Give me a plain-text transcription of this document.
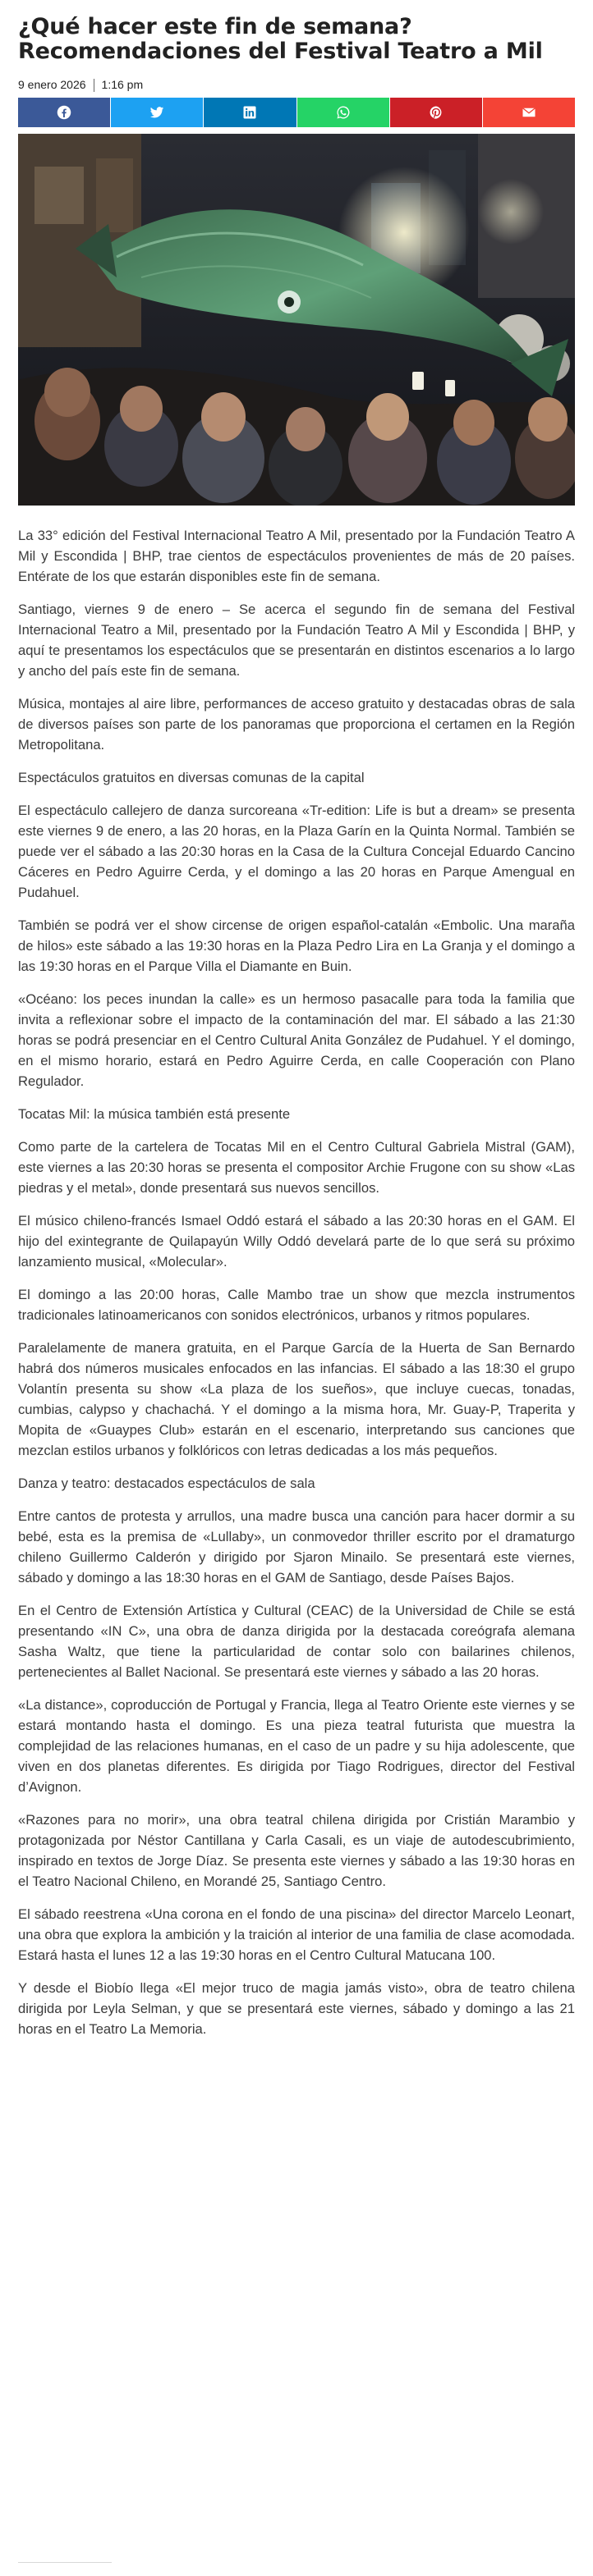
¿Qué hacer este fin de semana? Recomendaciones del Festival Teatro a Mil
9 enero 2026 1:16 pm

La 33° edición del Festival Internacional Teatro A Mil, presentado por la Fundación Teatro A Mil y Escondida | BHP, trae cientos de espectáculos provenientes de más de 20 países. Entérate de los que estarán disponibles este fin de semana.

Santiago, viernes 9 de enero – Se acerca el segundo fin de semana del Festival Internacional Teatro a Mil, presentado por la Fundación Teatro A Mil y Escondida | BHP, y aquí te presentamos los espectáculos que se presentarán en distintos escenarios a lo largo y ancho del país este fin de semana.

Música, montajes al aire libre, performances de acceso gratuito y destacadas obras de sala de diversos países son parte de los panoramas que proporciona el certamen en la Región Metropolitana.

Espectáculos gratuitos en diversas comunas de la capital

El espectáculo callejero de danza surcoreana «Tr-edition: Life is but a dream» se presenta este viernes 9 de enero, a las 20 horas, en la Plaza Garín en la Quinta Normal. También se puede ver el sábado a las 20:30 horas en la Casa de la Cultura Concejal Eduardo Cancino Cáceres en Pedro Aguirre Cerda, y el domingo a las 20 horas en Parque Amengual en Pudahuel.

También se podrá ver el show circense de origen español-catalán «Embolic. Una maraña de hilos» este sábado a las 19:30 horas en la Plaza Pedro Lira en La Granja y el domingo a las 19:30 horas en el Parque Villa el Diamante en Buin.

«Océano: los peces inundan la calle» es un hermoso pasacalle para toda la familia que invita a reflexionar sobre el impacto de la contaminación del mar. El sábado a las 21:30 horas se podrá presenciar en el Centro Cultural Anita González de Pudahuel. Y el domingo, en el mismo horario, estará en Pedro Aguirre Cerda, en calle Cooperación con Plano Regulador.

Tocatas Mil: la música también está presente

Como parte de la cartelera de Tocatas Mil en el Centro Cultural Gabriela Mistral (GAM), este viernes a las 20:30 horas se presenta el compositor Archie Frugone con su show «Las piedras y el metal», donde presentará sus nuevos sencillos.

El músico chileno-francés Ismael Oddó estará el sábado a las 20:30 horas en el GAM. El hijo del exintegrante de Quilapayún Willy Oddó develará parte de lo que será su próximo lanzamiento musical, «Molecular».

El domingo a las 20:00 horas, Calle Mambo trae un show que mezcla instrumentos tradicionales latinoamericanos con sonidos electrónicos, urbanos y ritmos populares.

Paralelamente de manera gratuita, en el Parque García de la Huerta de San Bernardo habrá dos números musicales enfocados en las infancias. El sábado a las 18:30 el grupo Volantín presenta su show «La plaza de los sueños», que incluye cuecas, tonadas, cumbias, calypso y chachachá. Y el domingo a la misma hora, Mr. Guay-P, Traperita y Mopita de «Guaypes Club» estarán en el escenario, interpretando sus canciones que mezclan estilos urbanos y folklóricos con letras dedicadas a los más pequeños.

Danza y teatro: destacados espectáculos de sala

Entre cantos de protesta y arrullos, una madre busca una canción para hacer dormir a su bebé, esta es la premisa de «Lullaby», un conmovedor thriller escrito por el dramaturgo chileno Guillermo Calderón y dirigido por Sjaron Minailo. Se presentará este viernes, sábado y domingo a las 18:30 horas en el GAM de Santiago, desde Países Bajos.

En el Centro de Extensión Artística y Cultural (CEAC) de la Universidad de Chile se está presentando «IN C», una obra de danza dirigida por la destacada coreógrafa alemana Sasha Waltz, que tiene la particularidad de contar solo con bailarines chilenos, pertenecientes al Ballet Nacional. Se presentará este viernes y sábado a las 20 horas.

«La distance», coproducción de Portugal y Francia, llega al Teatro Oriente este viernes y se estará montando hasta el domingo. Es una pieza teatral futurista que muestra la complejidad de las relaciones humanas, en el caso de un padre y su hija adolescente, que viven en dos planetas diferentes. Es dirigida por Tiago Rodrigues, director del Festival d’Avignon.

«Razones para no morir», una obra teatral chilena dirigida por Cristián Marambio y protagonizada por Néstor Cantillana y Carla Casali, es un viaje de autodescubrimiento, inspirado en textos de Jorge Díaz. Se presenta este viernes y sábado a las 19:30 horas en el Teatro Nacional Chileno, en Morandé 25, Santiago Centro.

El sábado reestrena «Una corona en el fondo de una piscina» del director Marcelo Leonart, una obra que explora la ambición y la traición al interior de una familia de clase acomodada. Estará hasta el lunes 12 a las 19:30 horas en el Centro Cultural Matucana 100.

Y desde el Biobío llega «El mejor truco de magia jamás visto», obra de teatro chilena dirigida por Leyla Selman, y que se presentará este viernes, sábado y domingo a las 21 horas en el Teatro La Memoria.
